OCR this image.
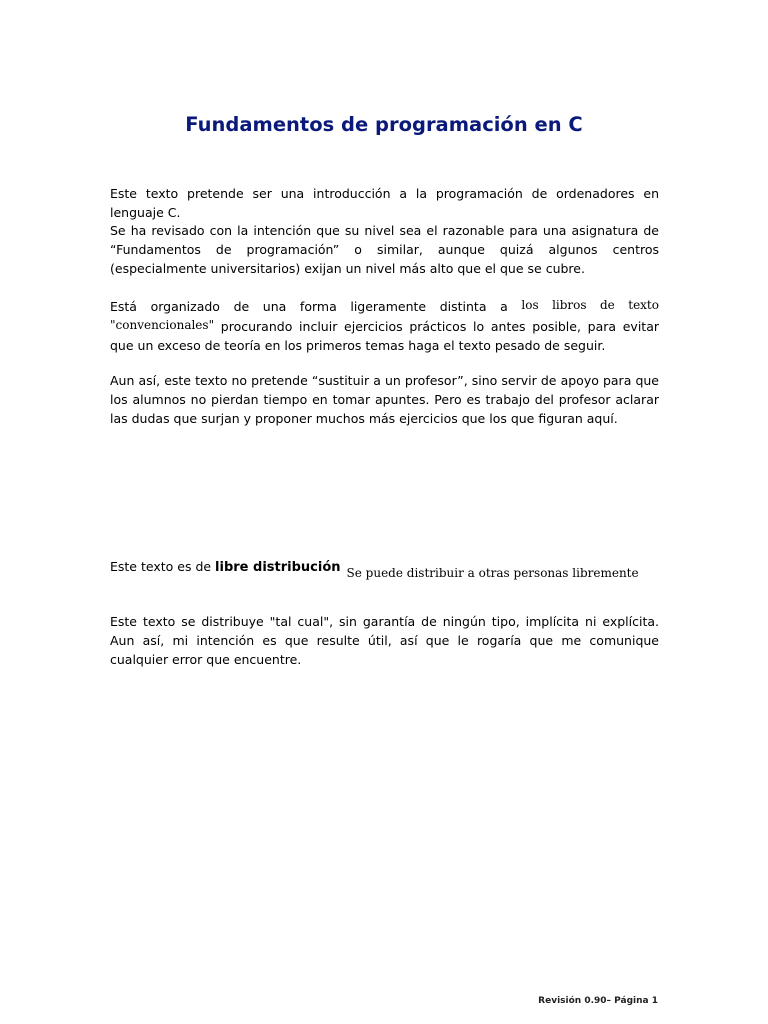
Fundamentos de programación en C

Este texto pretende ser una introducción a la programación de ordenadores en lenguaje C.

Se ha revisado con la intención que su nivel sea el razonable para una asignatura de “Fundamentos de programación” o similar, aunque quizá algunos centros (especialmente universitarios) exijan un nivel más alto que el que se cubre.

Está organizado de una forma ligeramente distinta a los libros de texto "convencionales" procurando incluir ejercicios prácticos lo antes posible, para evitar que un exceso de teoría en los primeros temas haga el texto pesado de seguir.

Aun así, este texto no pretende “sustituir a un profesor”, sino servir de apoyo para que los alumnos no pierdan tiempo en tomar apuntes. Pero es trabajo del profesor aclarar las dudas que surjan y proponer muchos más ejercicios que los que figuran aquí.

Este texto es de libre distribución Se puede distribuir a otras personas libremente

Este texto se distribuye "tal cual", sin garantía de ningún tipo, implícita ni explícita. Aun así, mi intención es que resulte útil, así que le rogaría que me comunique cualquier error que encuentre.

Revisión 0.90– Página 1
